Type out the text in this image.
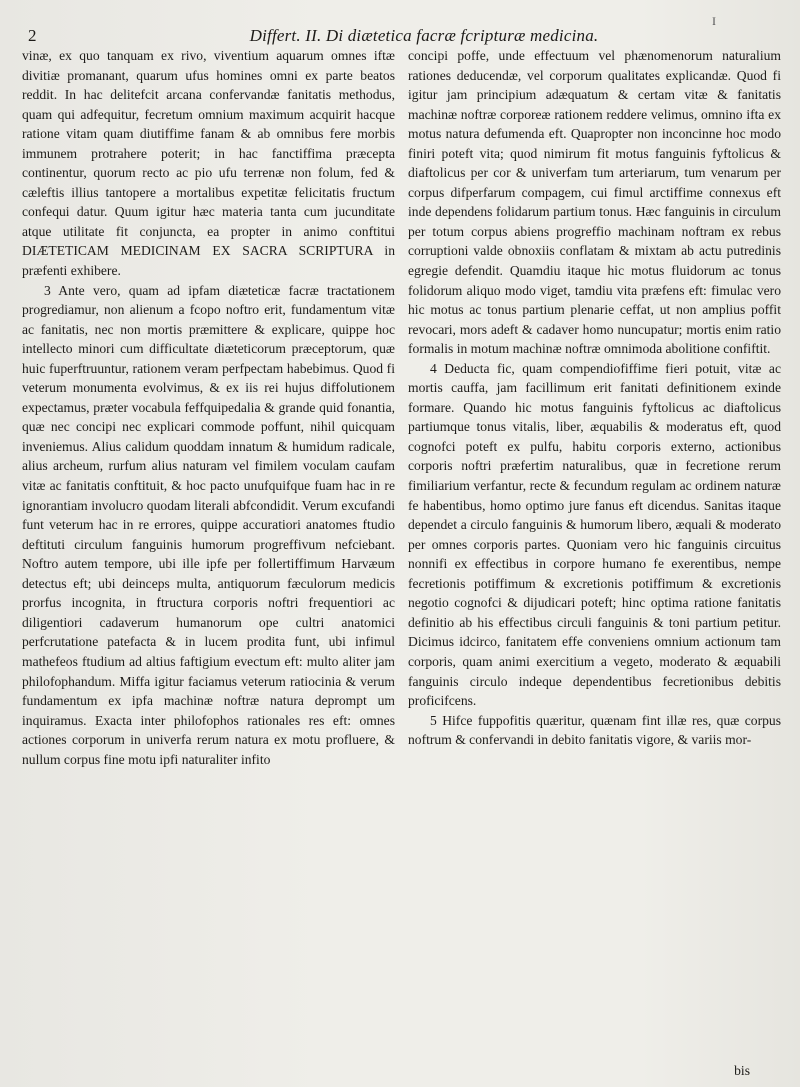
2	Differt. II. Di diætetica facræ fcripturæ medicina.
I

vinæ, ex quo tanquam ex rivo, viventium aquarum omnes iftæ divitiæ promanant, quarum ufus homines omni ex parte beatos reddit. In hac delitefcit arcana confervandæ fanitatis methodus, quam qui adfequitur, fecretum omnium maximum acquirit hacque ratione vitam quam diutiffime fanam & ab omnibus fere morbis immunem protrahere poterit; in hac fanctiffima præcepta continentur, quorum recto ac pio ufu terrenæ non folum, fed & cæleftis illius tantopere a mortalibus expetitæ felicitatis fructum confequi datur. Quum igitur hæc materia tanta cum jucunditate atque utilitate fit conjuncta, ea propter in animo conftitui DIÆTETICAM MEDICINAM EX SACRA SCRIPTURA in præfenti exhibere.

3 Ante vero, quam ad ipfam diæteticæ facræ tractationem progrediamur, non alienum a fcopo noftro erit, fundamentum vitæ ac fanitatis, nec non mortis præmittere & explicare, quippe hoc intellecto minori cum difficultate diæteticorum præceptorum, quæ huic fuperftruuntur, rationem veram perfpectam habebimus. Quod fi veterum monumenta evolvimus, & ex iis rei hujus diffolutionem expectamus, præter vocabula feffquipedalia & grande quid fonantia, quæ nec concipi nec explicari commode poffunt, nihil quicquam inveniemus. Alius calidum quoddam innatum & humidum radicale, alius archeum, rurfum alius naturam vel fimilem voculam caufam vitæ ac fanitatis conftituit, & hoc pacto unufquifque fuam hac in re ignorantiam involucro quodam literali abfcondidit. Verum excufandi funt veterum hac in re errores, quippe accuratiori anatomes ftudio deftituti circulum fanguinis humorum progreffivum nefciebant. Noftro autem tempore, ubi ille ipfe per follertiffimum Harvæum detectus eft; ubi deinceps multa, antiquorum fæculorum medicis prorfus incognita, in ftructura corporis noftri frequentiori ac diligentiori cadaverum humanorum ope cultri anatomici perfcrutatione patefacta & in lucem prodita funt, ubi infimul mathefeos ftudium ad altius faftigium evectum eft: multo aliter jam philofophandum. Miffa igitur faciamus veterum ratiocinia & verum fundamentum ex ipfa machinæ noftræ natura deprompt um inquiramus. Exacta inter philofophos rationales res eft: omnes actiones corporum in univerfa rerum natura ex motu profluere, & nullum corpus fine motu ipfi naturaliter infito

concipi poffe, unde effectuum vel phænomenorum naturalium rationes deducendæ, vel corporum qualitates explicandæ. Quod fi igitur jam principium adæquatum & certam vitæ & fanitatis machinæ noftræ corporeæ rationem reddere velimus, omnino ifta ex motus natura defumenda eft. Quapropter non inconcinne hoc modo finiri poteft vita; quod nimirum fit motus fanguinis fyftolicus & diaftolicus per cor & univerfam tum arteriarum, tum venarum per corpus difperfarum compagem, cui fimul arctiffime connexus eft inde dependens folidarum partium tonus. Hæc fanguinis in circulum per totum corpus abiens progreffio machinam noftram ex rebus corruptioni valde obnoxiis conflatam & mixtam ab actu putredinis egregie defendit. Quamdiu itaque hic motus fluidorum ac tonus folidorum aliquo modo viget, tamdiu vita præfens eft: fimulac vero hic motus ac tonus partium plenarie ceffat, ut non amplius poffit revocari, mors adeft & cadaver homo nuncupatur; mortis enim ratio formalis in motum machinæ noftræ omnimoda abolitione confiftit.

4 Deducta fic, quam compendiofiffime fieri potuit, vitæ ac mortis cauffa, jam facillimum erit fanitati definitionem exinde formare. Quando hic motus fanguinis fyftolicus ac diaftolicus partiumque tonus vitalis, liber, æquabilis & moderatus eft, quod cognofci poteft ex pulfu, habitu corporis externo, actionibus corporis noftri præfertim naturalibus, quæ in fecretione rerum fimiliarium verfantur, recte & fecundum regulam ac ordinem naturæ fe habentibus, homo optimo jure fanus eft dicendus. Sanitas itaque dependet a circulo fanguinis & humorum libero, æquali & moderato per omnes corporis partes. Quoniam vero hic fanguinis circuitus nonnifi ex effectibus in corpore humano fe exerentibus, nempe fecretionis potiffimum & excretionis potiffimum & excretionis negotio cognofci & dijudicari poteft; hinc optima ratione fanitatis definitio ab his effectibus circuli fanguinis & toni partium petitur. Dicimus idcirco, fanitatem effe conveniens omnium actionum tam corporis, quam animi exercitium a vegeto, moderato & æquabili fanguinis circulo indeque dependentibus fecretionibus debitis proficifcens.

5 Hifce fuppofitis quæritur, quænam fint illæ res, quæ corpus noftrum & confervandi in debito fanitatis vigore, & variis mor-

bis
